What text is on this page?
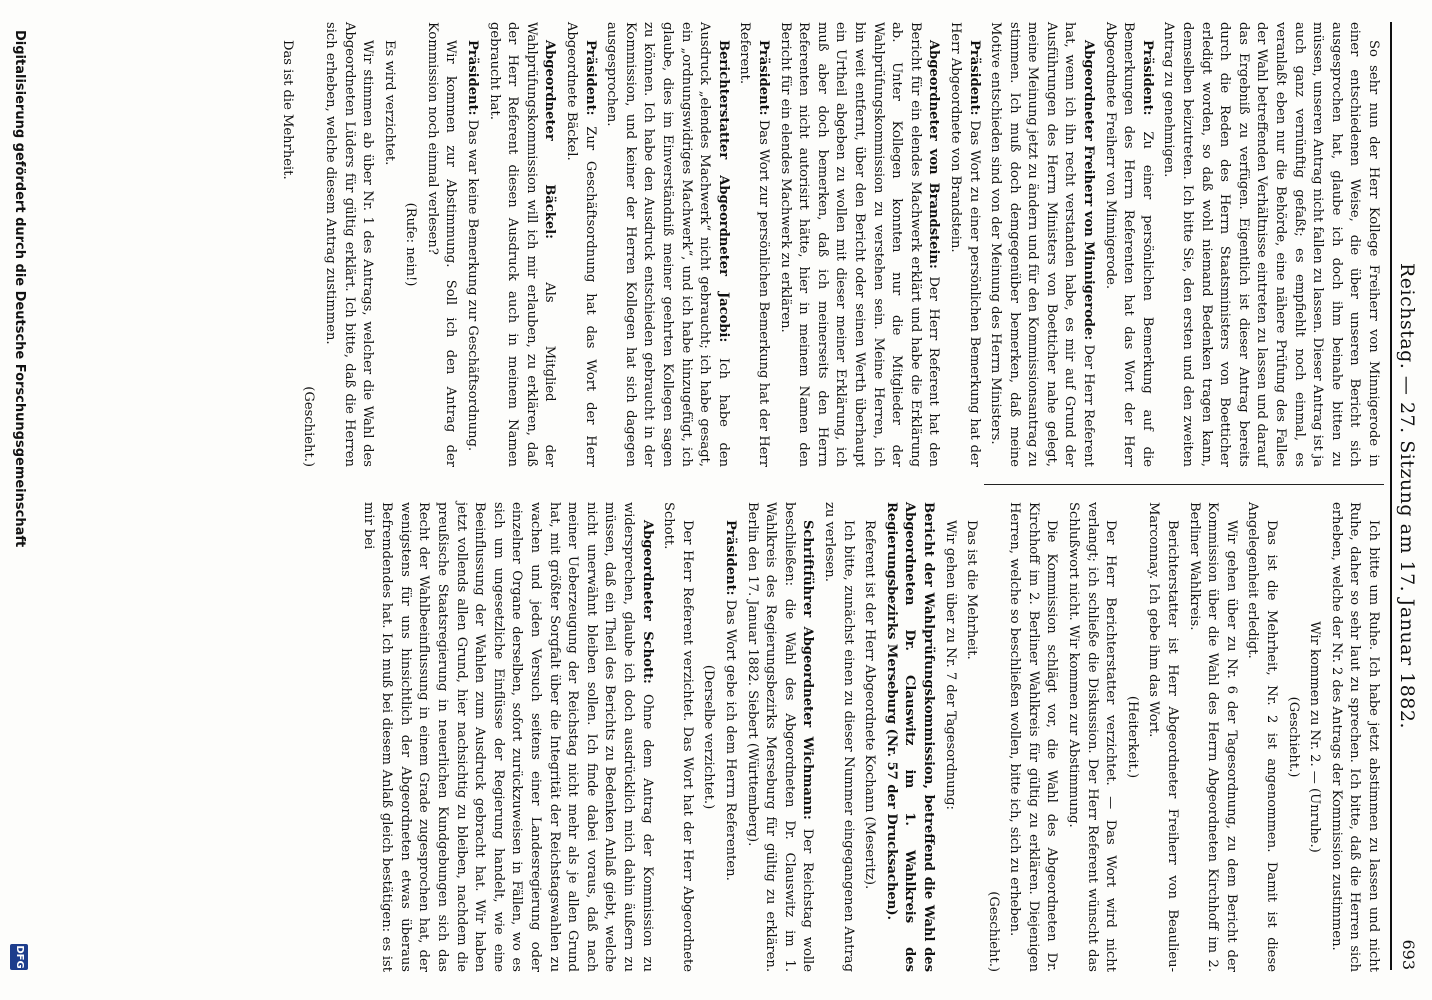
Reichstag. — 27. Sitzung am 17. Januar 1882.
693

So sehr nun der Herr Kollege Freiherr von Minnigerode in einer entschiedenen Weise, die über unseren Bericht sich ausgesprochen hat, glaube ich doch ihm beinahe bitten zu müssen, unseren Antrag nicht fallen zu lassen. Dieser Antrag ist ja auch ganz vernünftig gefaßt; es empfiehlt noch einmal, es veranlaßt eben nur die Behörde, eine nähere Prüfung des Falles der Wahl betreffenden Verhältnisse eintreten zu lassen und darauf das Ergebniß zu verfügen. Eigentlich ist dieser Antrag bereits durch die Reden des Herrn Staatsministers von Boetticher erledigt worden, so daß wohl niemand Bedenken tragen kann, demselben beizutreten. Ich bitte Sie, den ersten und den zweiten Antrag zu genehmigen.

Präsident: Zu einer persönlichen Bemerkung auf die Bemerkungen des Herrn Referenten hat das Wort der Herr Abgeordnete Freiherr von Minnigerode.

Abgeordneter Freiherr von Minnigerode: Der Herr Referent hat, wenn ich ihn recht verstanden habe, es mir auf Grund der Ausführungen des Herrn Ministers von Boetticher nahe gelegt, meine Meinung jetzt zu ändern und für den Kommissionsantrag zu stimmen. Ich muß doch demgegenüber bemerken, daß meine Motive entschieden sind von der Meinung des Herrn Ministers.

Präsident: Das Wort zu einer persönlichen Bemerkung hat der Herr Abgeordnete von Brandstein.

Abgeordneter von Brandstein: Der Herr Referent hat den Bericht für ein elendes Machwerk erklärt und habe die Erklärung ab. Unter Kollegen konnten nur die Mitglieder der Wahlprüfungskommission zu verstehen sein. Meine Herren, ich bin weit entfernt, über den Bericht oder seinen Werth überhaupt ein Urtheil abgeben zu wollen mit dieser meiner Erklärung, ich muß aber doch bemerken, daß ich meinerseits den Herrn Referenten nicht autorisirt hätte, hier in meinem Namen den Bericht für ein elendes Machwerk zu erklären.

Präsident: Das Wort zur persönlichen Bemerkung hat der Herr Referent.

Berichterstatter Abgeordneter Jacobi: Ich habe den Ausdruck „elendes Machwerk“ nicht gebraucht; ich habe gesagt, ein „ordnungswidriges Machwerk“, und ich habe hinzugefügt, ich glaube, dies im Einverständniß meiner geehrten Kollegen sagen zu können. Ich habe den Ausdruck entschieden gebraucht in der Kommission, und keiner der Herren Kollegen hat sich dagegen ausgesprochen.

Präsident: Zur Geschäftsordnung hat das Wort der Herr Abgeordnete Bäckel.

Abgeordneter Bäckel: Als Mitglied der Wahlprüfungskommission will ich mir erlauben, zu erklären, daß der Herr Referent diesen Ausdruck auch in meinem Namen gebraucht hat.

Präsident: Das war keine Bemerkung zur Geschäftsordnung.

Wir kommen zur Abstimmung. Soll ich den Antrag der Kommission noch einmal verlesen?

(Rufe: nein!)

Es wird verzichtet.

Wir stimmen ab über Nr. 1 des Antrags, welcher die Wahl des Abgeordneten Lüders für gültig erklärt. Ich bitte, daß die Herren sich erheben, welche diesem Antrag zustimmen.

(Geschieht.)

Das ist die Mehrheit.

Ich bitte um Ruhe. Ich habe jetzt abstimmen zu lassen und nicht Ruhe, daher so sehr laut zu sprechen. Ich bitte, daß die Herren sich erheben, welche der Nr. 2 des Antrags der Kommission zustimmen.

Wir kommen zu Nr. 2. — (Unruhe.)

(Geschieht.)

Das ist die Mehrheit, Nr. 2 ist angenommen. Damit ist diese Angelegenheit erledigt.

Wir gehen über zu Nr. 6 der Tagesordnung, zu dem Bericht der Kommission über die Wahl des Herrn Abgeordneten Kirchhoff im 2. Berliner Wahlkreis.

Berichterstatter ist Herr Abgeordneter Freiherr von Beaulieu-Marconnay. Ich gebe ihm das Wort.

(Heiterkeit.)

Der Herr Berichterstatter verzichtet. — Das Wort wird nicht verlangt; ich schließe die Diskussion. Der Herr Referent wünscht das Schlußwort nicht. Wir kommen zur Abstimmung.

Die Kommission schlägt vor, die Wahl des Abgeordneten Dr. Kirchhoff im 2. Berliner Wahlkreis für gültig zu erklären. Diejenigen Herren, welche so beschließen wollen, bitte ich, sich zu erheben.

(Geschieht.)

Das ist die Mehrheit.

Wir gehen über zu Nr. 7 der Tagesordnung:

Bericht der Wahlprüfungskommission, betreffend die Wahl des Abgeordneten Dr. Clauswitz im 1. Wahlkreis des Regierungsbezirks Merseburg (Nr. 57 der Drucksachen).

Referent ist der Herr Abgeordnete Kochann (Meseritz).

Ich bitte, zunächst einen zu dieser Nummer eingegangenen Antrag zu verlesen.

Schriftführer Abgeordneter Wichmann: Der Reichstag wolle beschließen: die Wahl des Abgeordneten Dr. Clauswitz im 1. Wahlkreis des Regierungsbezirks Merseburg für gültig zu erklären. Berlin den 17. Januar 1882. Siebert (Württemberg).

Präsident: Das Wort gebe ich dem Herrn Referenten.

(Derselbe verzichtet.)

Der Herr Referent verzichtet. Das Wort hat der Herr Abgeordnete Schott.

Abgeordneter Schott: Ohne dem Antrag der Kommission zu widersprechen, glaube ich doch ausdrücklich mich dahin äußern zu müssen, daß ein Theil des Berichts zu Bedenken Anlaß giebt, welche nicht unerwähnt bleiben sollen. Ich finde dabei voraus, daß nach meiner Ueberzeugung der Reichstag nicht mehr als je allen Grund hat, mit größter Sorgfalt über die Integrität der Reichstagswahlen zu wachen und jeden Versuch seitens einer Landesregierung oder einzelner Organe derselben, sofort zurückzuweisen in Fällen, wo es sich um ungesetzliche Einflüsse der Regierung handelt, wie eine Beeinflussung der Wahlen zum Ausdruck gebracht hat. Wir haben jetzt vollends allen Grund, hier nachsichtig zu bleiben, nachdem die preußische Staatsregierung in neuerlichen Kundgebungen sich das Recht der Wahlbeeinflussung in einem Grade zugesprochen hat, der wenigstens für uns hinsichtlich der Abgeordneten etwas überaus Befremdendes hat. Ich muß bei diesem Anlaß gleich bestätigen: es ist mir bei

Digitalisierung gefördert durch die Deutsche Forschungsgemeinschaft
DFG
